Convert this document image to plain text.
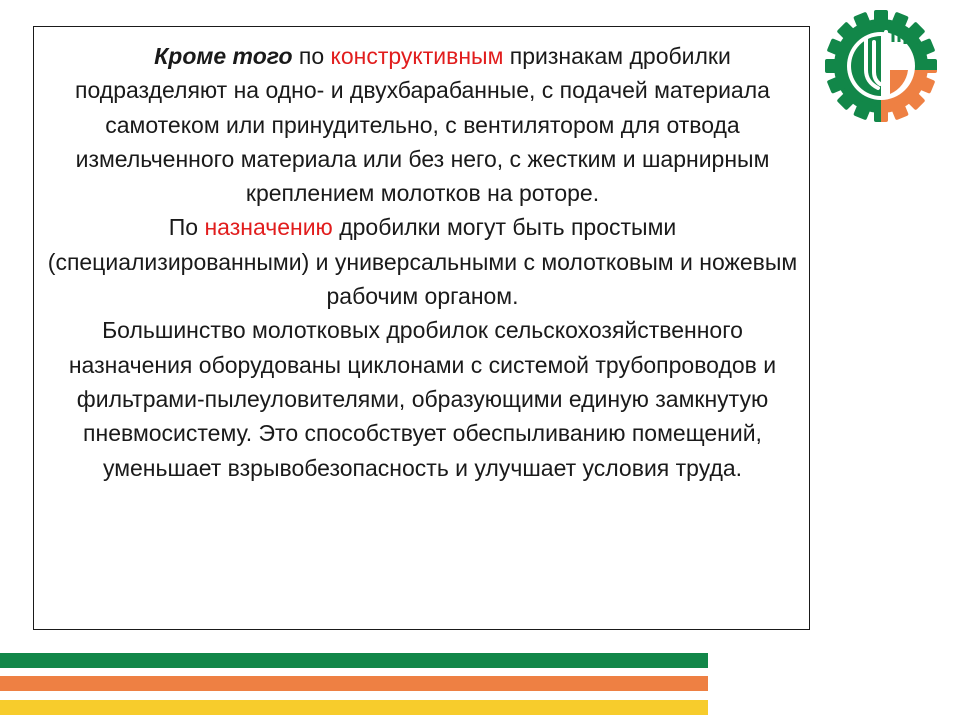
Кроме того по конструктивным признакам дробилки подразделяют на одно- и двухбарабанные, с подачей материала самотеком или принудительно, с вентилятором для отвода измельченного материала или без него, с жестким и шарнирным креплением молотков на роторе.

По назначению дробилки могут быть простыми (специализированными) и универсальными с молотковым и ножевым рабочим органом.

Большинство молотковых дробилок сельскохозяйственного назначения оборудованы циклонами с системой трубопроводов и фильтрами-пылеуловителями, образующими единую замкнутую пневмосистему. Это способствует обеспыливанию помещений, уменьшает взрывобезопасность и улучшает условия труда.
